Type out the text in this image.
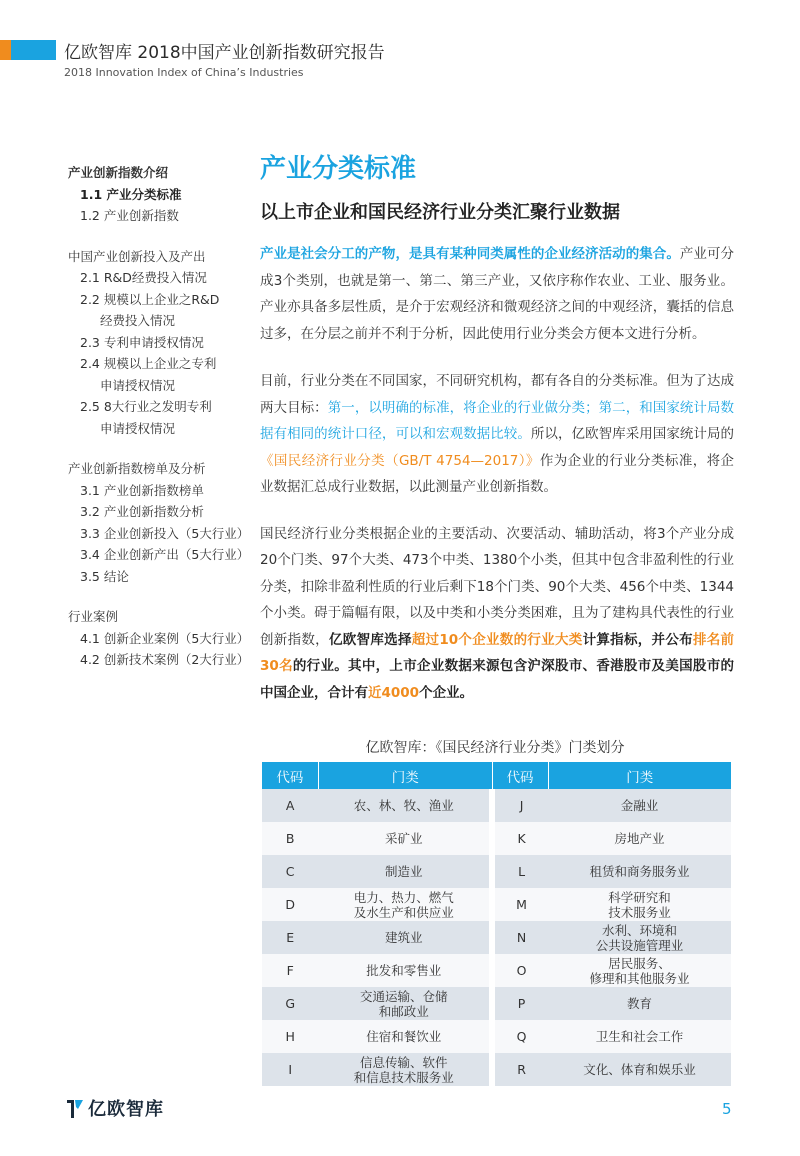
亿欧智库 2018中国产业创新指数研究报告
2018 Innovation Index of China’s Industries
产业创新指数介绍
1.1 产业分类标准
1.2 产业创新指数
中国产业创新投入及产出
2.1 R&D经费投入情况
2.2 规模以上企业之R&D
经费投入情况
2.3 专利申请授权情况
2.4 规模以上企业之专利
申请授权情况
2.5 8大行业之发明专利
申请授权情况
产业创新指数榜单及分析
3.1 产业创新指数榜单
3.2 产业创新指数分析
3.3 企业创新投入（5大行业）
3.4 企业创新产出（5大行业）
3.5 结论
行业案例
4.1 创新企业案例（5大行业）
4.2 创新技术案例（2大行业）
产业分类标准
以上市企业和国民经济行业分类汇聚行业数据

产业是社会分工的产物，是具有某种同类属性的企业经济活动的集合。产业可分成3个类别，也就是第一、第二、第三产业，又依序称作农业、工业、服务业。产业亦具备多层性质，是介于宏观经济和微观经济之间的中观经济，囊括的信息过多，在分层之前并不利于分析，因此使用行业分类会方便本文进行分析。

目前，行业分类在不同国家，不同研究机构，都有各自的分类标准。但为了达成两大目标：第一，以明确的标准，将企业的行业做分类；第二，和国家统计局数据有相同的统计口径，可以和宏观数据比较。所以，亿欧智库采用国家统计局的《国民经济行业分类（GB/T 4754—2017）》作为企业的行业分类标准，将企业数据汇总成行业数据，以此测量产业创新指数。

国民经济行业分类根据企业的主要活动、次要活动、辅助活动，将3个产业分成20个门类、97个大类、473个中类、1380个小类，但其中包含非盈利性的行业分类，扣除非盈利性质的行业后剩下18个门类、90个大类、456个中类、1344个小类。碍于篇幅有限，以及中类和小类分类困难，且为了建构具代表性的行业创新指数，亿欧智库选择超过10个企业数的行业大类计算指标，并公布排名前30名的行业。其中，上市企业数据来源包含沪深股市、香港股市及美国股市的中国企业，合计有近4000个企业。

亿欧智库：《国民经济行业分类》门类划分
代码	门类	代码	门类
A	农、林、牧、渔业	J	金融业
B	采矿业	K	房地产业
C	制造业	L	租赁和商务服务业
D	电力、热力、燃气
及水生产和供应业	M	科学研究和
技术服务业
E	建筑业	N	水利、环境和
公共设施管理业
F	批发和零售业	O	居民服务、
修理和其他服务业
G	交通运输、仓储
和邮政业	P	教育
H	住宿和餐饮业	Q	卫生和社会工作
I	信息传输、软件
和信息技术服务业	R	文化、体育和娱乐业
亿欧智库	5
